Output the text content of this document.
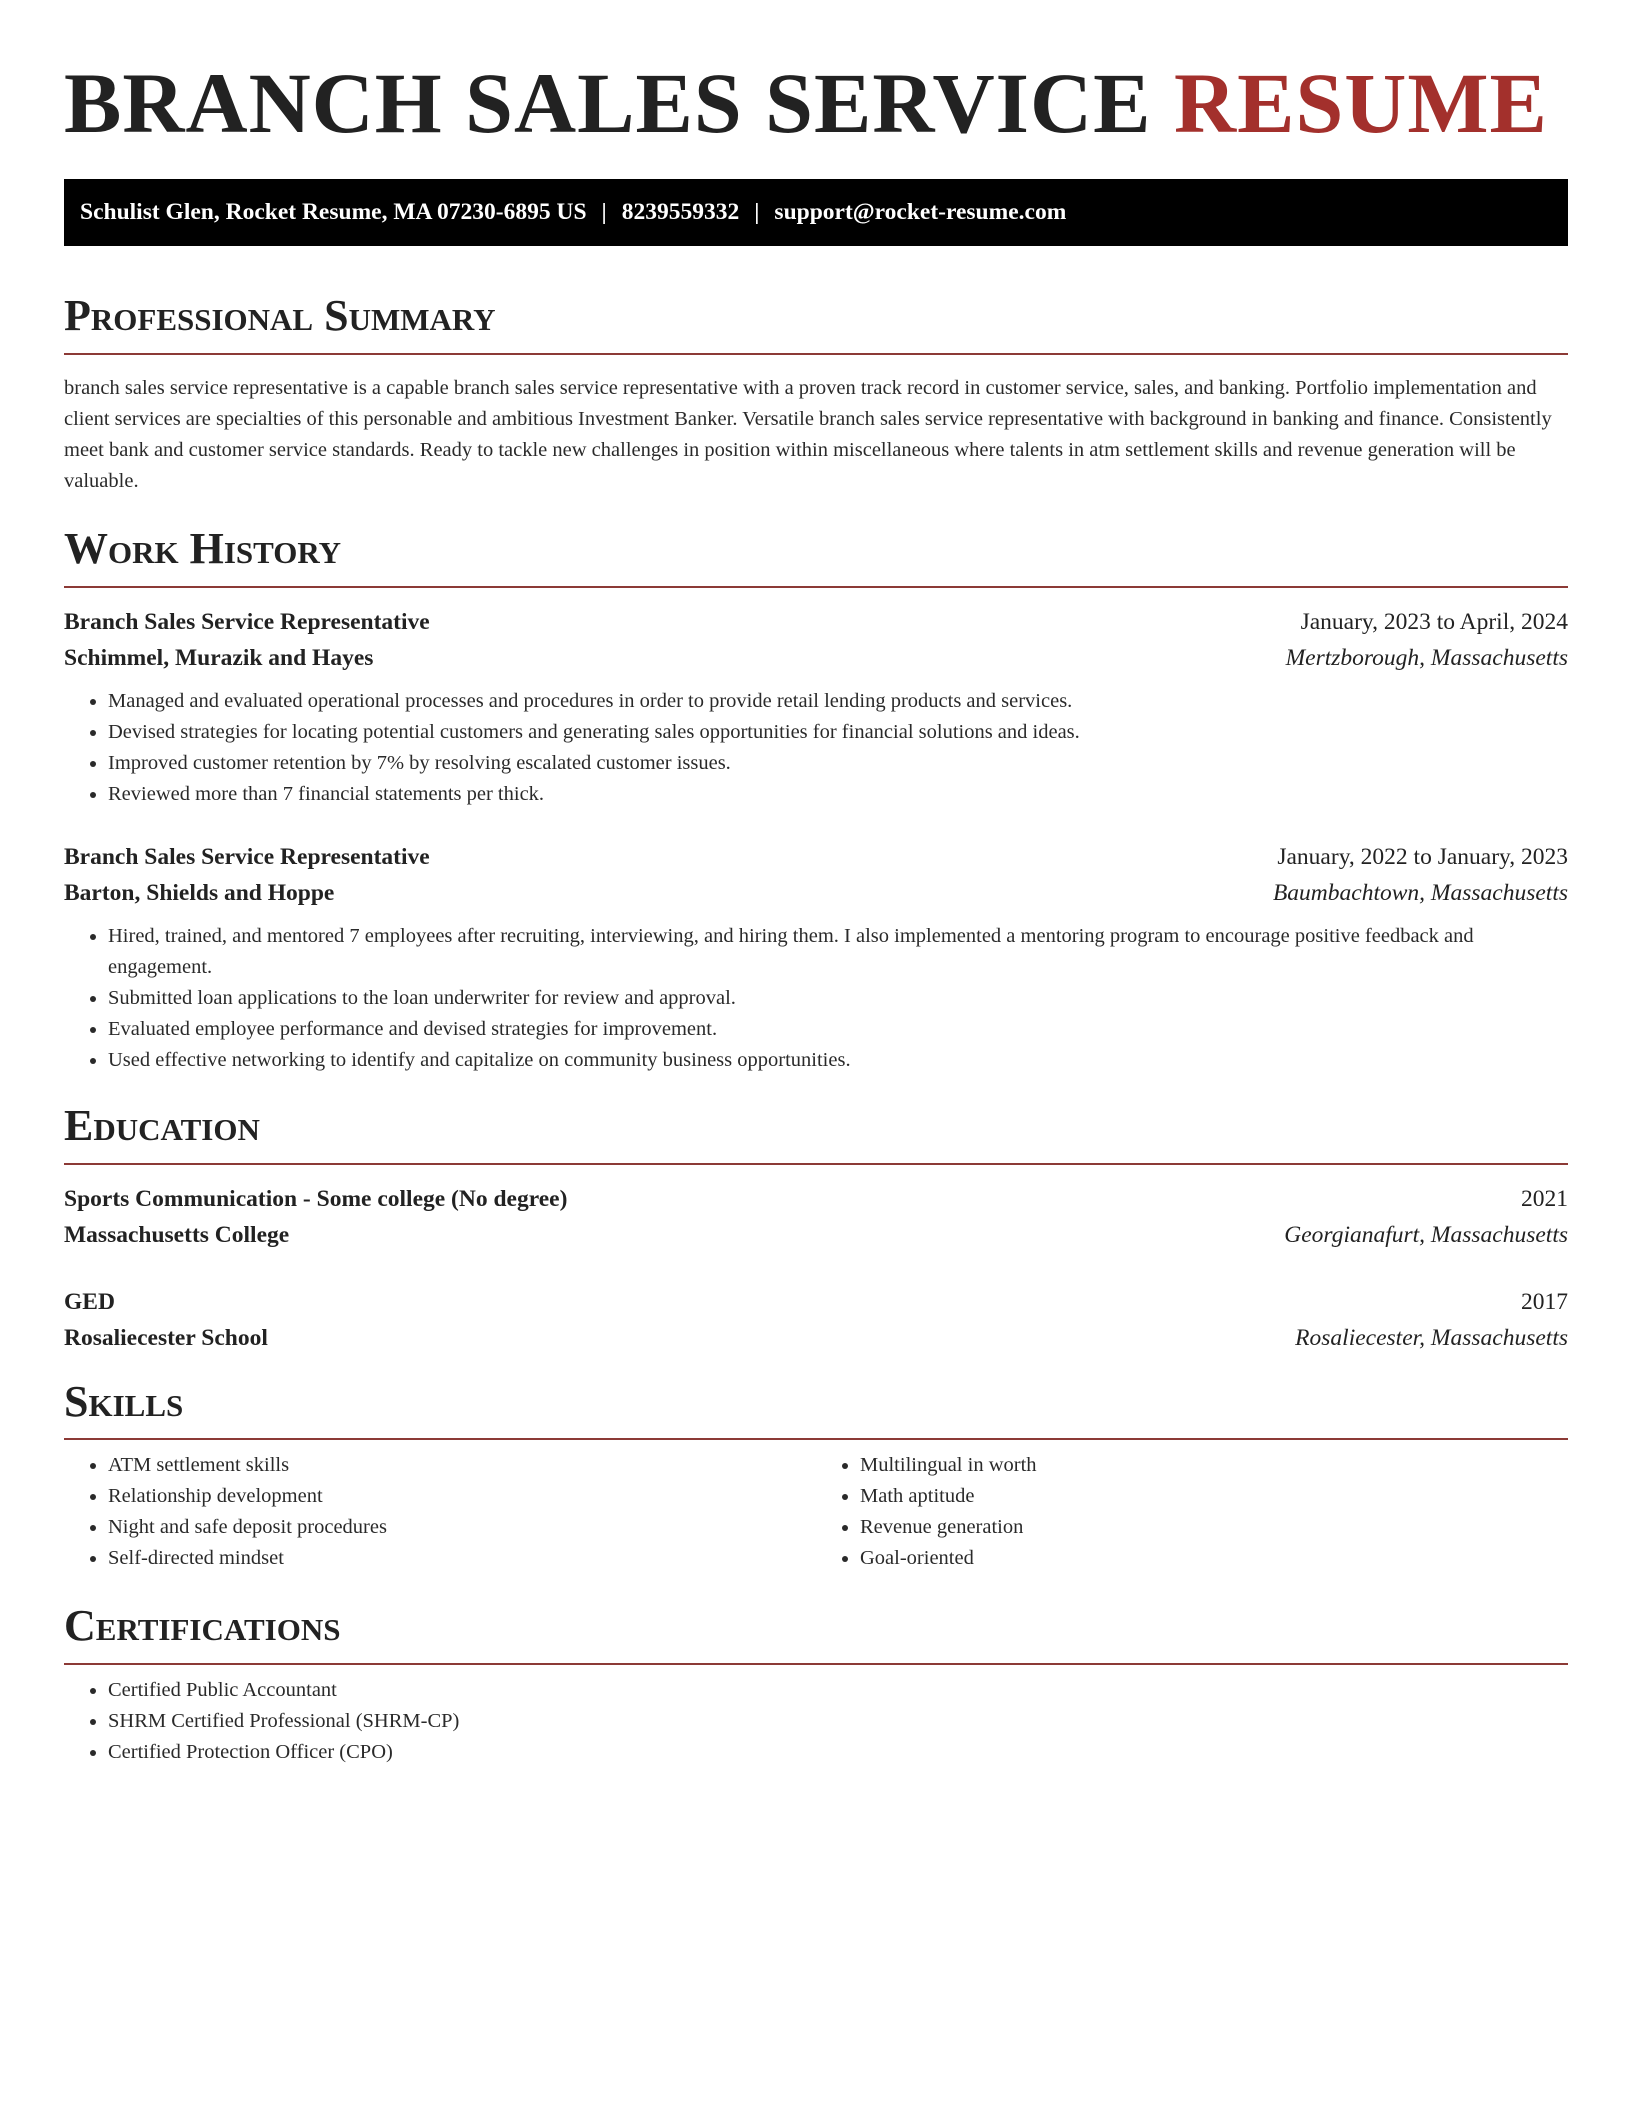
BRANCH SALES SERVICE RESUME
Schulist Glen, Rocket Resume, MA 07230-6895 US | 8239559332 | support@rocket-resume.com
Professional Summary

branch sales service representative is a capable branch sales service representative with a proven track record in customer service, sales, and banking. Portfolio implementation and client services are specialties of this personable and ambitious Investment Banker. Versatile branch sales service representative with background in banking and finance. Consistently meet bank and customer service standards. Ready to tackle new challenges in position within miscellaneous where talents in atm settlement skills and revenue generation will be valuable.

Work History
Branch Sales Service Representative	January, 2023 to April, 2024
Schimmel, Murazik and Hayes	Mertzborough, Massachusetts
• Managed and evaluated operational processes and procedures in order to provide retail lending products and services.
• Devised strategies for locating potential customers and generating sales opportunities for financial solutions and ideas.
• Improved customer retention by 7% by resolving escalated customer issues.
• Reviewed more than 7 financial statements per thick.
Branch Sales Service Representative	January, 2022 to January, 2023
Barton, Shields and Hoppe	Baumbachtown, Massachusetts
• Hired, trained, and mentored 7 employees after recruiting, interviewing, and hiring them. I also implemented a mentoring program to encourage positive feedback and engagement.
• Submitted loan applications to the loan underwriter for review and approval.
• Evaluated employee performance and devised strategies for improvement.
• Used effective networking to identify and capitalize on community business opportunities.
Education
Sports Communication - Some college (No degree)	2021
Massachusetts College	Georgianafurt, Massachusetts
GED	2017
Rosaliecester School	Rosaliecester, Massachusetts
Skills
• ATM settlement skills
• Relationship development
• Night and safe deposit procedures
• Self-directed mindset
• Multilingual in worth
• Math aptitude
• Revenue generation
• Goal-oriented
Certifications
• Certified Public Accountant
• SHRM Certified Professional (SHRM-CP)
• Certified Protection Officer (CPO)
